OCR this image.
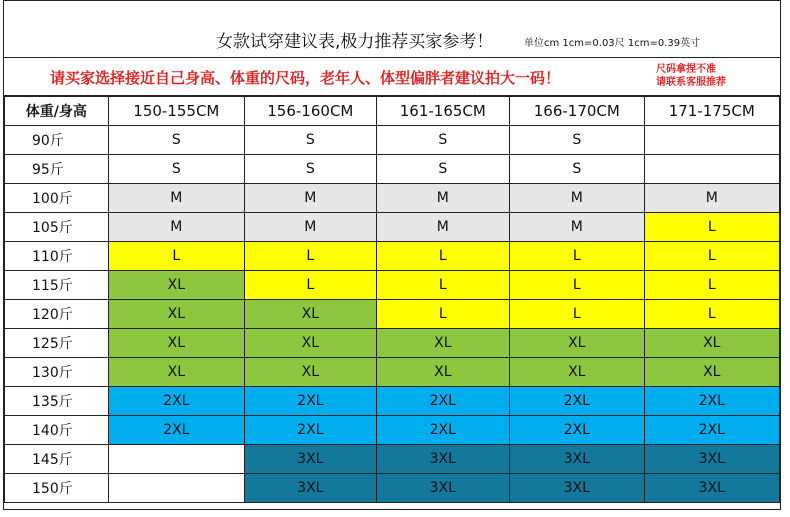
女款试穿建议表,极力推荐买家参考！	单位cm 1cm=0.03尺 1cm=0.39英寸
请买家选择接近自己身高、体重的尺码，老年人、体型偏胖者建议拍大一码！	尺码拿捏不准
请联系客服推荐
体重/身高	150-155CM	156-160CM	161-165CM	166-170CM	171-175CM
90斤	S	S	S	S	
95斤	S	S	S	S	
100斤	M	M	M	M	M
105斤	M	M	M	M	L
110斤	L	L	L	L	L
115斤	XL	L	L	L	L
120斤	XL	XL	L	L	L
125斤	XL	XL	XL	XL	XL
130斤	XL	XL	XL	XL	XL
135斤	2XL	2XL	2XL	2XL	2XL
140斤	2XL	2XL	2XL	2XL	2XL
145斤		3XL	3XL	3XL	3XL
150斤		3XL	3XL	3XL	3XL
